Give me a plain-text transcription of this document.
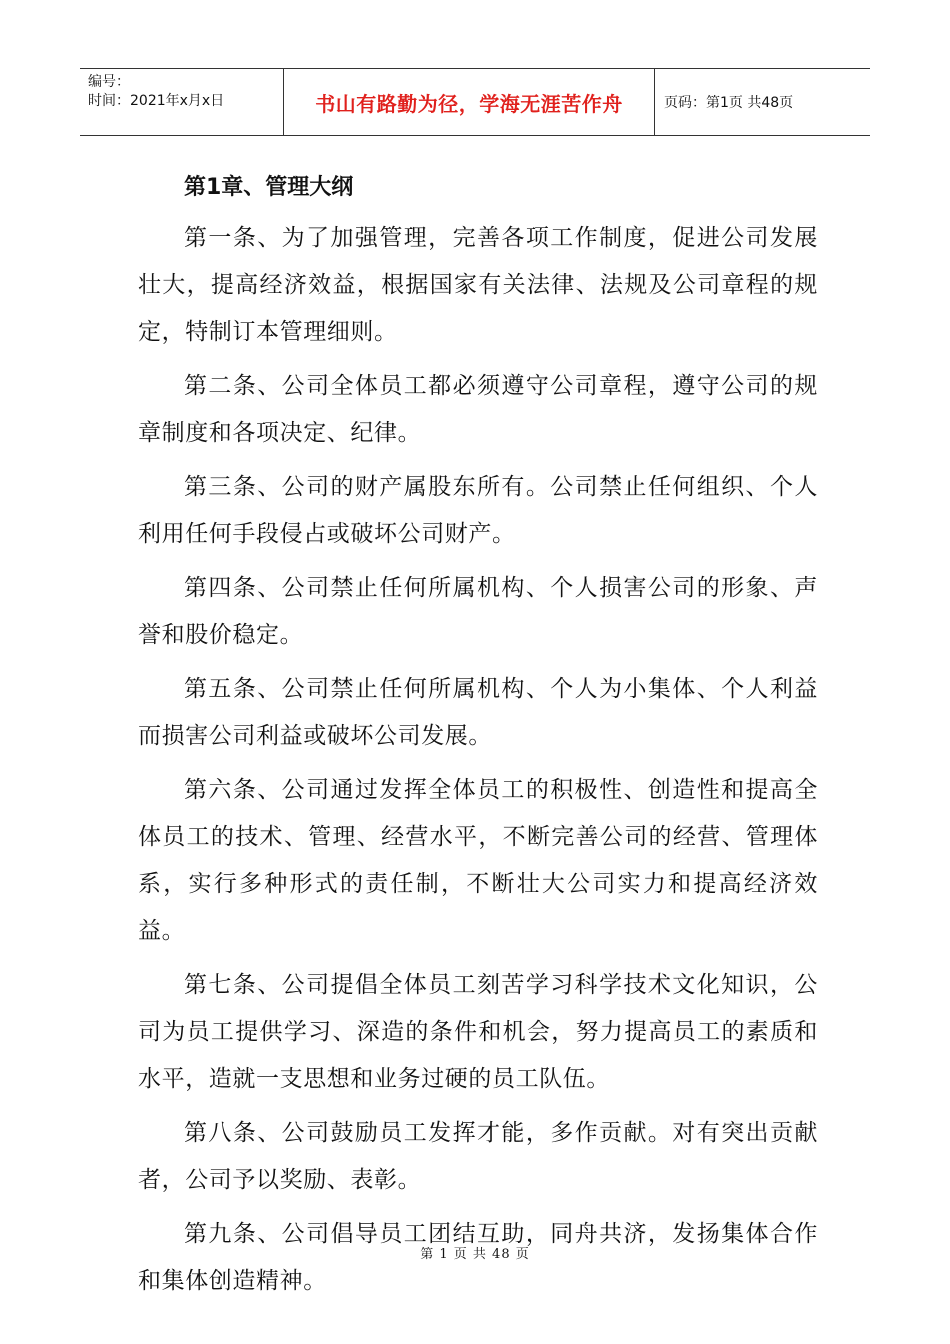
编号：
时间：2021年x月x日	书山有路勤为径，学海无涯苦作舟	页码：第1页 共48页
第1章、管理大纲

第一条、为了加强管理，完善各项工作制度，促进公司发展壮大，提高经济效益，根据国家有关法律、法规及公司章程的规定，特制订本管理细则。

第二条、公司全体员工都必须遵守公司章程，遵守公司的规章制度和各项决定、纪律。

第三条、公司的财产属股东所有。公司禁止任何组织、个人利用任何手段侵占或破坏公司财产。

第四条、公司禁止任何所属机构、个人损害公司的形象、声誉和股价稳定。

第五条、公司禁止任何所属机构、个人为小集体、个人利益而损害公司利益或破坏公司发展。

第六条、公司通过发挥全体员工的积极性、创造性和提高全体员工的技术、管理、经营水平，不断完善公司的经营、管理体系，实行多种形式的责任制，不断壮大公司实力和提高经济效益。

第七条、公司提倡全体员工刻苦学习科学技术文化知识，公司为员工提供学习、深造的条件和机会，努力提高员工的素质和水平，造就一支思想和业务过硬的员工队伍。

第八条、公司鼓励员工发挥才能，多作贡献。对有突出贡献者，公司予以奖励、表彰。

第九条、公司倡导员工团结互助，同舟共济，发扬集体合作和集体创造精神。

第 1 页 共 48 页
